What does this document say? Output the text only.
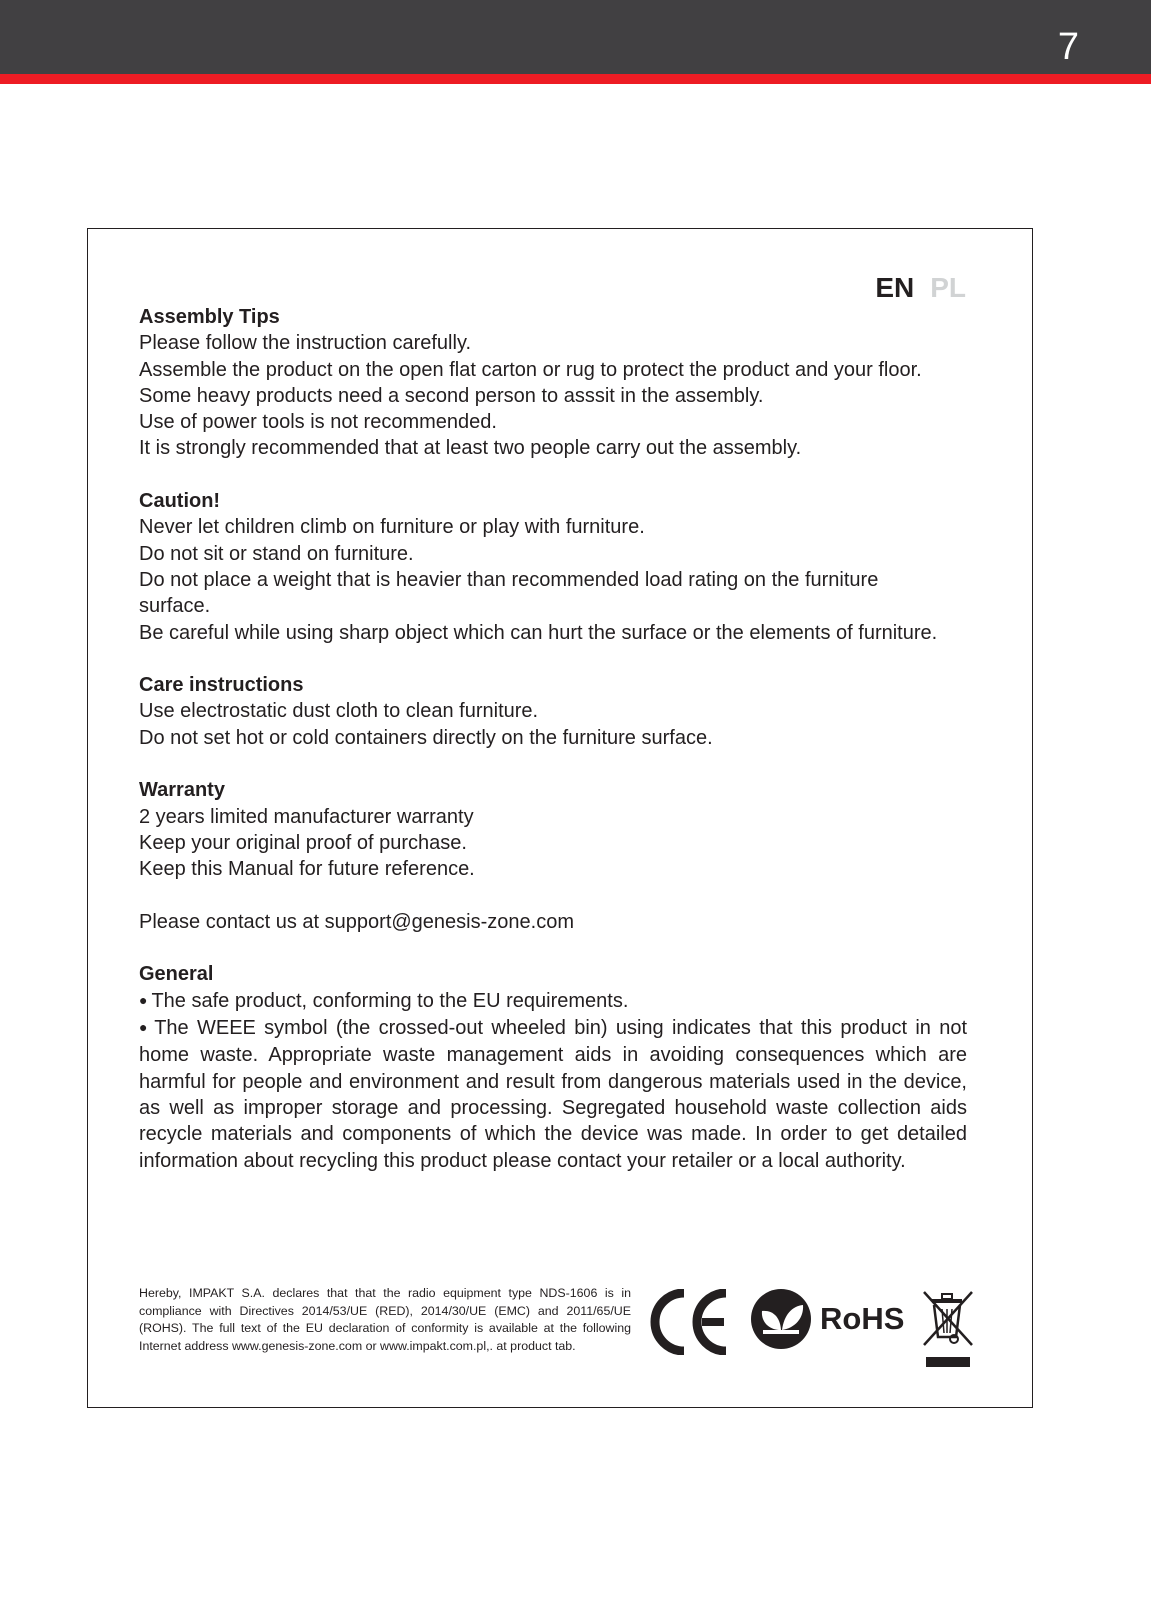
7
EN PL
Assembly Tips
Please follow the instruction carefully.
Assemble the product on the open flat carton or rug to protect the product and your floor.
Some heavy products need a second person to asssit in the assembly.
Use of power tools is not recommended.
It is strongly recommended that at least two people carry out the assembly.
Caution!
Never let children climb on furniture or play with furniture.
Do not sit or stand on furniture.
Do not place a weight that is heavier than recommended load rating on the furniture
surface.
Be careful while using sharp object which can hurt the surface or the elements of furniture.
Care instructions
Use electrostatic dust cloth to clean furniture.
Do not set hot or cold containers directly on the furniture surface.
Warranty
2 years limited manufacturer warranty
Keep your original proof of purchase.
Keep this Manual for future reference.
Please contact us at support@genesis-zone.com
General
● The safe product, conforming to the EU requirements.
● The WEEE symbol (the crossed-out wheeled bin) using indicates that this product in not home waste. Appropriate waste management aids in avoiding consequences which are harmful for people and environment and result from dangerous materials used in the device, as well as improper storage and processing. Segregated household waste collection aids recycle materials and components of which the device was made. In order to get detailed information about recycling this product please contact your retailer or a local authority.
Hereby, IMPAKT S.A. declares that that the radio equipment type NDS-1606 is in compliance with Directives 2014/53/UE (RED), 2014/30/UE (EMC) and 2011/65/UE (ROHS). The full text of the EU declaration of conformity is available at the following Internet address www.genesis-zone.com or www.impakt.com.pl,. at product tab.
RoHS
